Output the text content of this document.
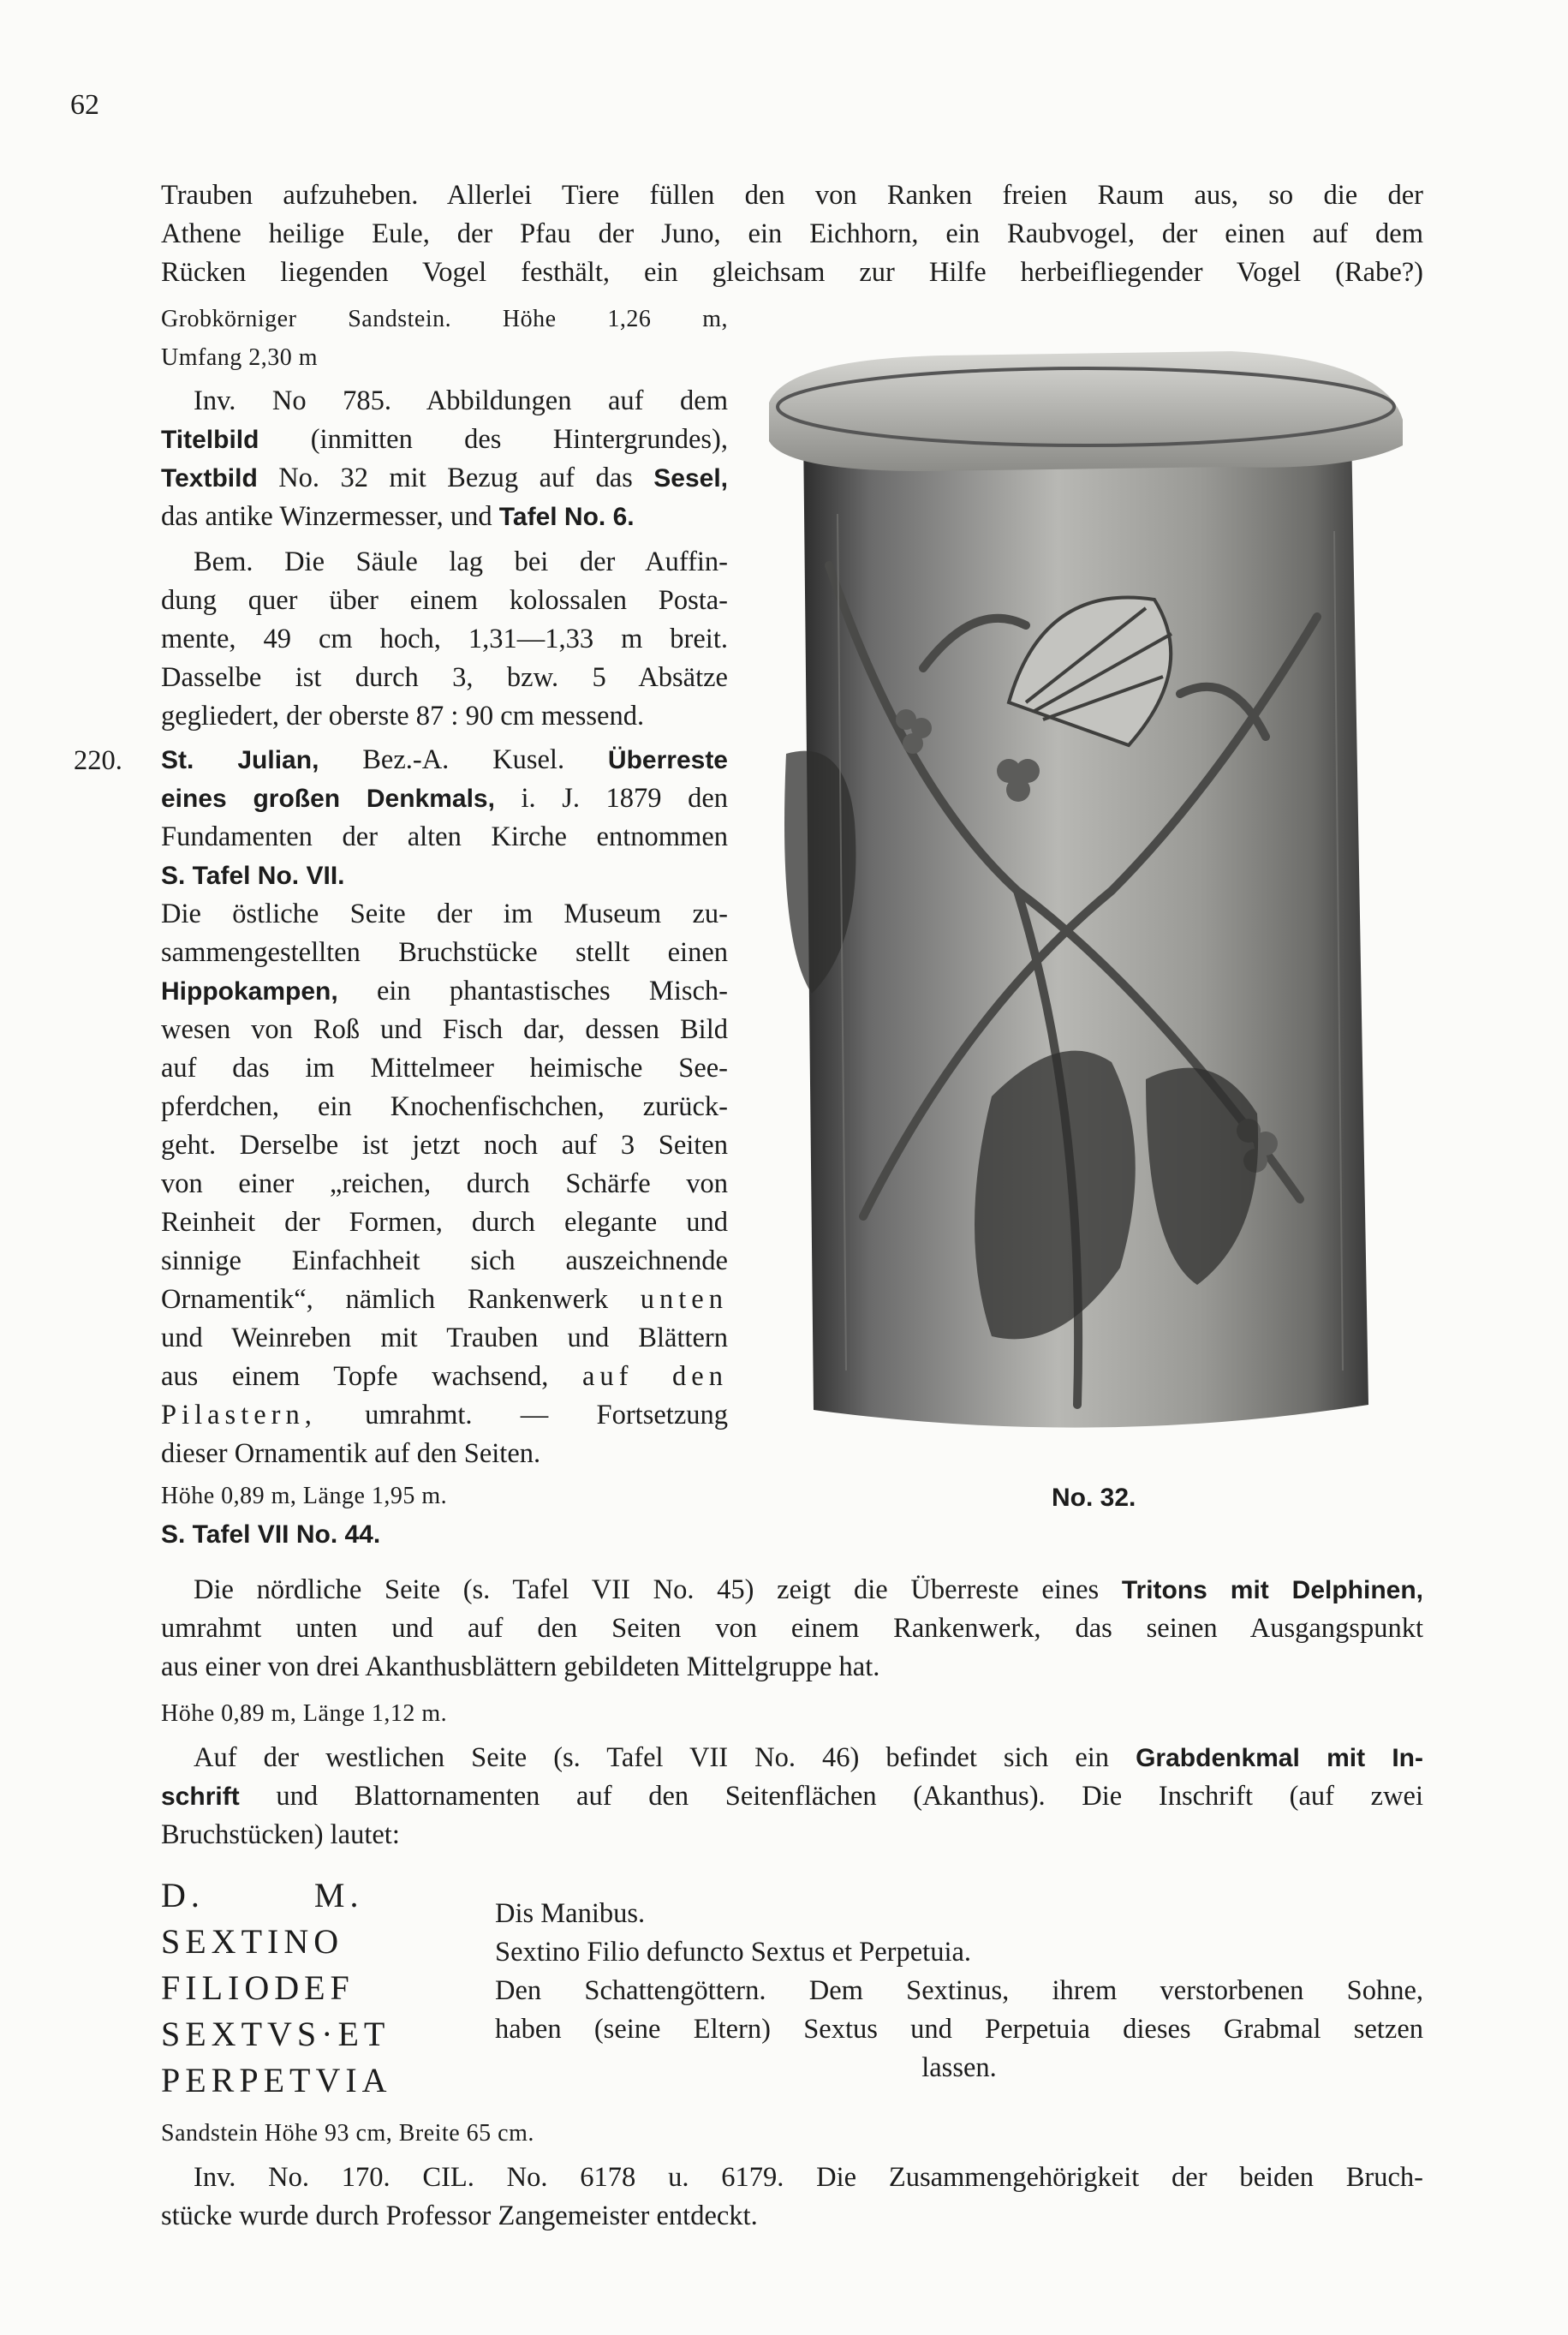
62
Trauben aufzuheben. Allerlei Tiere füllen den von Ranken freien Raum aus, so die der
Athene heilige Eule, der Pfau der Juno, ein Eichhorn, ein Raubvogel, der einen auf dem
Rücken liegenden Vogel festhält, ein gleichsam zur Hilfe herbeifliegender Vogel (Rabe?)
Grobkörniger Sandstein. Höhe 1,26 m,
Umfang 2,30 m
Inv. No 785. Abbildungen auf dem
Titelbild (inmitten des Hintergrundes),
Textbild No. 32 mit Bezug auf das Sesel,
das antike Winzermesser, und Tafel No. 6.
Bem. Die Säule lag bei der Auffin-
dung quer über einem kolossalen Posta-
mente, 49 cm hoch, 1,31—1,33 m breit.
Dasselbe ist durch 3, bzw. 5 Absätze
gegliedert, der oberste 87 : 90 cm messend.
St. Julian, Bez.-A. Kusel. Überreste
eines großen Denkmals, i. J. 1879 den
Fundamenten der alten Kirche entnommen
S. Tafel No. VII.
Die östliche Seite der im Museum zu-
sammengestellten Bruchstücke stellt einen
Hippokampen, ein phantastisches Misch-
wesen von Roß und Fisch dar, dessen Bild
auf das im Mittelmeer heimische See-
pferdchen, ein Knochenfischchen, zurück-
geht. Derselbe ist jetzt noch auf 3 Seiten
von einer „reichen, durch Schärfe von
Reinheit der Formen, durch elegante und
sinnige Einfachheit sich auszeichnende
Ornamentik“, nämlich Rankenwerk unten
und Weinreben mit Trauben und Blättern
aus einem Topfe wachsend, auf den
Pilastern, umrahmt. — Fortsetzung
dieser Ornamentik auf den Seiten.
Höhe 0,89 m, Länge 1,95 m.
S. Tafel VII No. 44.
220.
No. 32.
Die nördliche Seite (s. Tafel VII No. 45) zeigt die Überreste eines Tritons mit Delphinen,
umrahmt unten und auf den Seiten von einem Rankenwerk, das seinen Ausgangspunkt
aus einer von drei Akanthusblättern gebildeten Mittelgruppe hat.
Höhe 0,89 m, Länge 1,12 m.
Auf der westlichen Seite (s. Tafel VII No. 46) befindet sich ein Grabdenkmal mit In-
schrift und Blattornamenten auf den Seitenflächen (Akanthus). Die Inschrift (auf zwei
Bruchstücken) lautet:
D.        M.
SEXTINO
FILIODEF
SEXTVS·ET
PERPETVIA
Dis Manibus.
Sextino Filio defuncto Sextus et Perpetuia.
Den Schattengöttern. Dem Sextinus, ihrem verstorbenen Sohne,
haben (seine Eltern) Sextus und Perpetuia dieses Grabmal setzen
lassen.
Sandstein Höhe 93 cm, Breite 65 cm.
Inv. No. 170. CIL. No. 6178 u. 6179. Die Zusammengehörigkeit der beiden Bruch-
stücke wurde durch Professor Zangemeister entdeckt.
